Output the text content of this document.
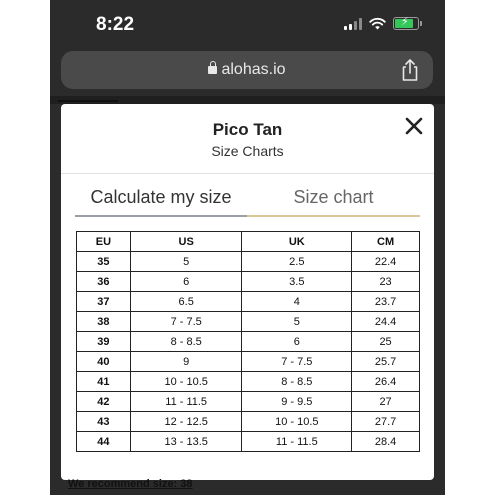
8:22	⚡
alohas.io
Pico Tan
Size Charts
Calculate my size	Size chart
EU	US	UK	CM
35	5	2.5	22.4
36	6	3.5	23
37	6.5	4	23.7
38	7 - 7.5	5	24.4
39	8 - 8.5	6	25
40	9	7 - 7.5	25.7
41	10 - 10.5	8 - 8.5	26.4
42	11 - 11.5	9 - 9.5	27
43	12 - 12.5	10 - 10.5	27.7
44	13 - 13.5	11 - 11.5	28.4
We recommend size: 38
